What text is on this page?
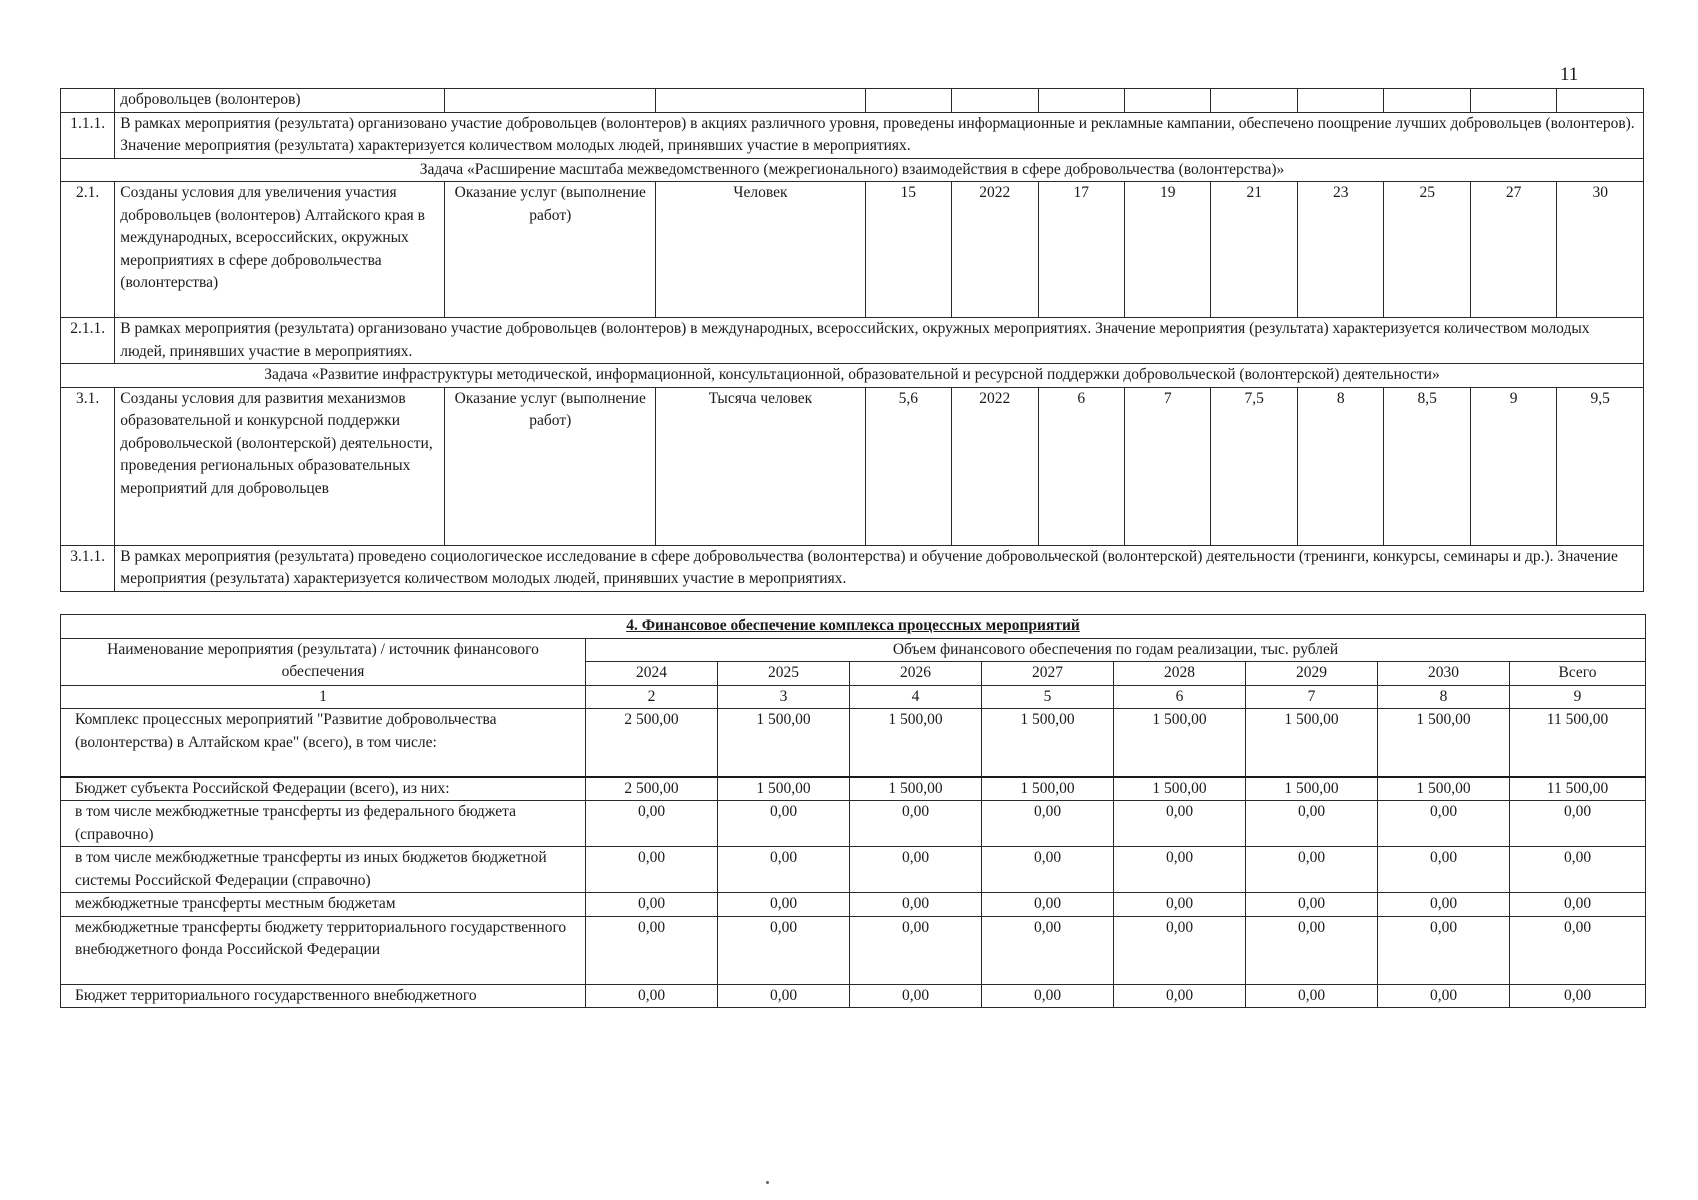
11
	добровольцев (волонтеров)											
1.1.1.	В рамках мероприятия (результата) организовано участие добровольцев (волонтеров) в акциях различного уровня, проведены информационные и рекламные кампании, обеспечено поощрение лучших добровольцев (волонтеров). Значение мероприятия (результата) характеризуется количеством молодых людей, принявших участие в мероприятиях.											
Задача «Расширение масштаба межведомственного (межрегионального) взаимодействия в сфере добровольчества (волонтерства)»												
2.1.	Созданы условия для увеличения участия добровольцев (волонтеров) Алтайского края в международных, всероссийских, окружных мероприятиях в сфере добровольчества (волонтерства)	Оказание услуг (выполнение работ)	Человек	15	2022	17	19	21	23	25	27	30
2.1.1.	В рамках мероприятия (результата) организовано участие добровольцев (волонтеров) в международных, всероссийских, окружных мероприятиях. Значение мероприятия (результата) характеризуется количеством молодых людей, принявших участие в мероприятиях.											
Задача «Развитие инфраструктуры методической, информационной, консультационной, образовательной и ресурсной поддержки добровольческой (волонтерской) деятельности»												
3.1.	Созданы условия для развития механизмов образовательной и конкурсной поддержки добровольческой (волонтерской) деятельности, проведения региональных образовательных мероприятий для добровольцев	Оказание услуг (выполнение работ)	Тысяча человек	5,6	2022	6	7	7,5	8	8,5	9	9,5
3.1.1.	В рамках мероприятия (результата) проведено социологическое исследование в сфере добровольчества (волонтерства) и обучение добровольческой (волонтерской) деятельности (тренинги, конкурсы, семинары и др.). Значение мероприятия (результата) характеризуется количеством молодых людей, принявших участие в мероприятиях.											
4. Финансовое обеспечение комплекса процессных мероприятий								
Наименование мероприятия (результата) / источник финансового обеспечения	Объем финансового обеспечения по годам реализации, тыс. рублей							
	2024	2025	2026	2027	2028	2029	2030	Всего
1	2	3	4	5	6	7	8	9
Комплекс процессных мероприятий "Развитие добровольчества (волонтерства) в Алтайском крае" (всего), в том числе:	2 500,00	1 500,00	1 500,00	1 500,00	1 500,00	1 500,00	1 500,00	11 500,00
Бюджет субъекта Российской Федерации (всего), из них:	2 500,00	1 500,00	1 500,00	1 500,00	1 500,00	1 500,00	1 500,00	11 500,00
в том числе межбюджетные трансферты из федерального бюджета (справочно)	0,00	0,00	0,00	0,00	0,00	0,00	0,00	0,00
в том числе межбюджетные трансферты из иных бюджетов бюджетной системы Российской Федерации (справочно)	0,00	0,00	0,00	0,00	0,00	0,00	0,00	0,00
межбюджетные трансферты местным бюджетам	0,00	0,00	0,00	0,00	0,00	0,00	0,00	0,00
межбюджетные трансферты бюджету территориального государственного внебюджетного фонда Российской Федерации	0,00	0,00	0,00	0,00	0,00	0,00	0,00	0,00
Бюджет территориального государственного внебюджетного	0,00	0,00	0,00	0,00	0,00	0,00	0,00	0,00
